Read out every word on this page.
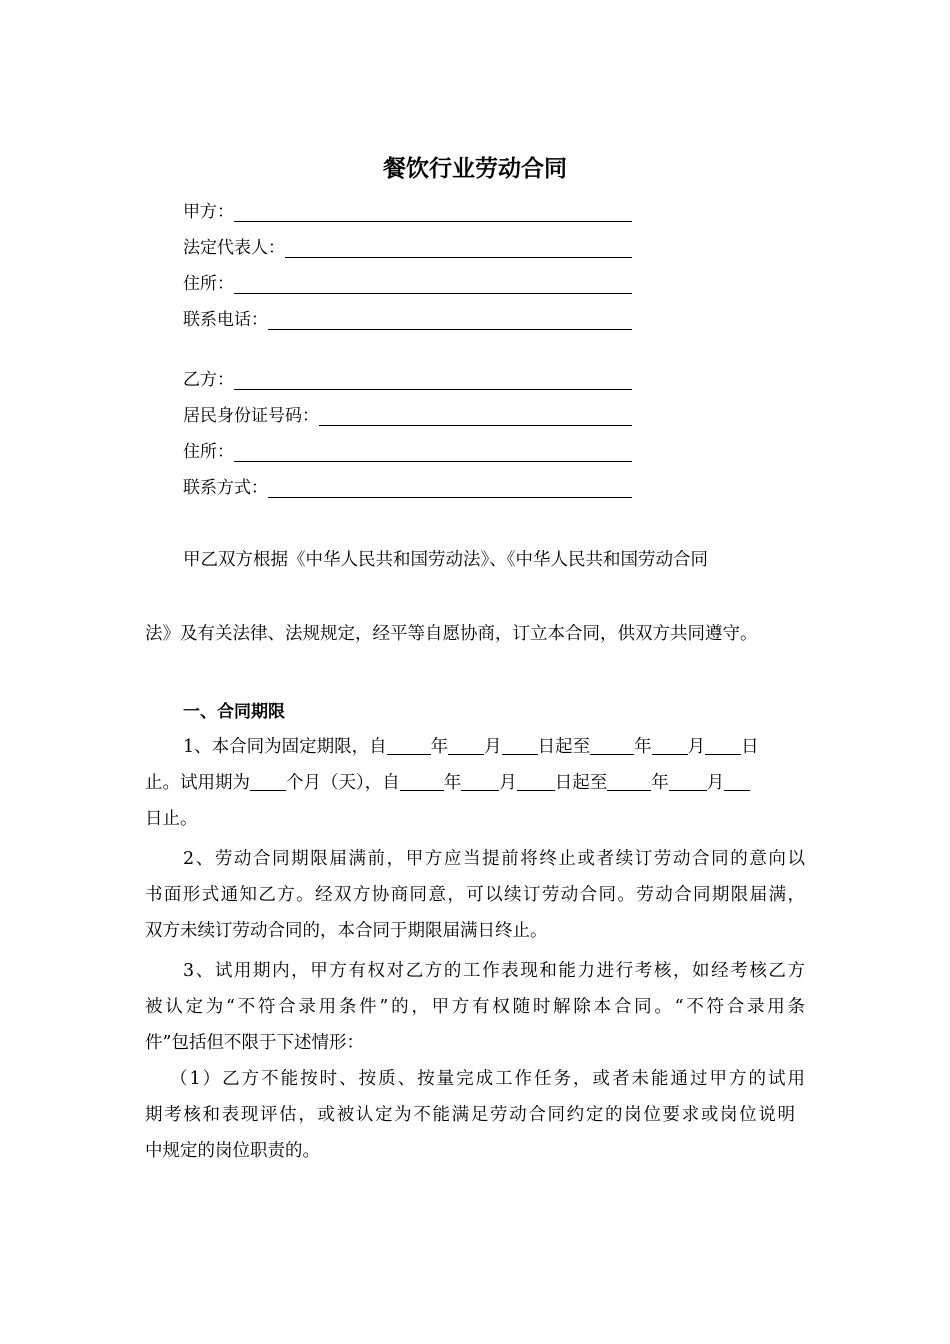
餐饮行业劳动合同
甲方：
法定代表人：
住所：
联系电话：
乙方：
居民身份证号码：
住所：
联系方式：
甲乙双方根据《中华人民共和国劳动法》、《中华人民共和国劳动合同
法》及有关法律、法规规定，经平等自愿协商，订立本合同，供双方共同遵守。
一、合同期限
1、本合同为固定期限，自	年 月 日起至	年 月 日
止。试用期为 个月（天），自	年 月 日起至	年 月
日止。
2、劳动合同期限届满前，甲方应当提前将终止或者续订劳动合同的意向以
书面形式通知乙方。经双方协商同意，可以续订劳动合同。劳动合同期限届满，
双方未续订劳动合同的，本合同于期限届满日终止。
3、试用期内，甲方有权对乙方的工作表现和能力进行考核，如经考核乙方
被认定为“不符合录用条件”的，甲方有权随时解除本合同。“不符合录用条
件”包括但不限于下述情形：
（1）乙方不能按时、按质、按量完成工作任务，或者未能通过甲方的试用
期考核和表现评估，或被认定为不能满足劳动合同约定的岗位要求或岗位说明
中规定的岗位职责的。
